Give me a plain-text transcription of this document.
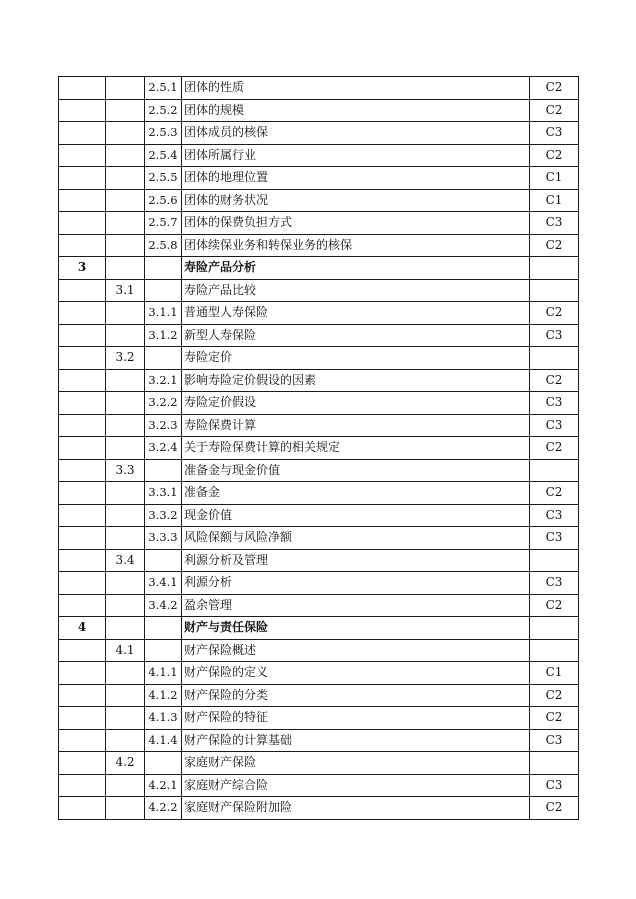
		2.5.1	团体的性质	C2
		2.5.2	团体的规模	C2
		2.5.3	团体成员的核保	C3
		2.5.4	团体所属行业	C2
		2.5.5	团体的地理位置	C1
		2.5.6	团体的财务状况	C1
		2.5.7	团体的保费负担方式	C3
		2.5.8	团体续保业务和转保业务的核保	C2
3			寿险产品分析	
	3.1		寿险产品比较	
		3.1.1	普通型人寿保险	C2
		3.1.2	新型人寿保险	C3
	3.2		寿险定价	
		3.2.1	影响寿险定价假设的因素	C2
		3.2.2	寿险定价假设	C3
		3.2.3	寿险保费计算	C3
		3.2.4	关于寿险保费计算的相关规定	C2
	3.3		准备金与现金价值	
		3.3.1	准备金	C2
		3.3.2	现金价值	C3
		3.3.3	风险保额与风险净额	C3
	3.4		利源分析及管理	
		3.4.1	利源分析	C3
		3.4.2	盈余管理	C2
4			财产与责任保险	
	4.1		财产保险概述	
		4.1.1	财产保险的定义	C1
		4.1.2	财产保险的分类	C2
		4.1.3	财产保险的特征	C2
		4.1.4	财产保险的计算基础	C3
	4.2		家庭财产保险	
		4.2.1	家庭财产综合险	C3
		4.2.2	家庭财产保险附加险	C2
